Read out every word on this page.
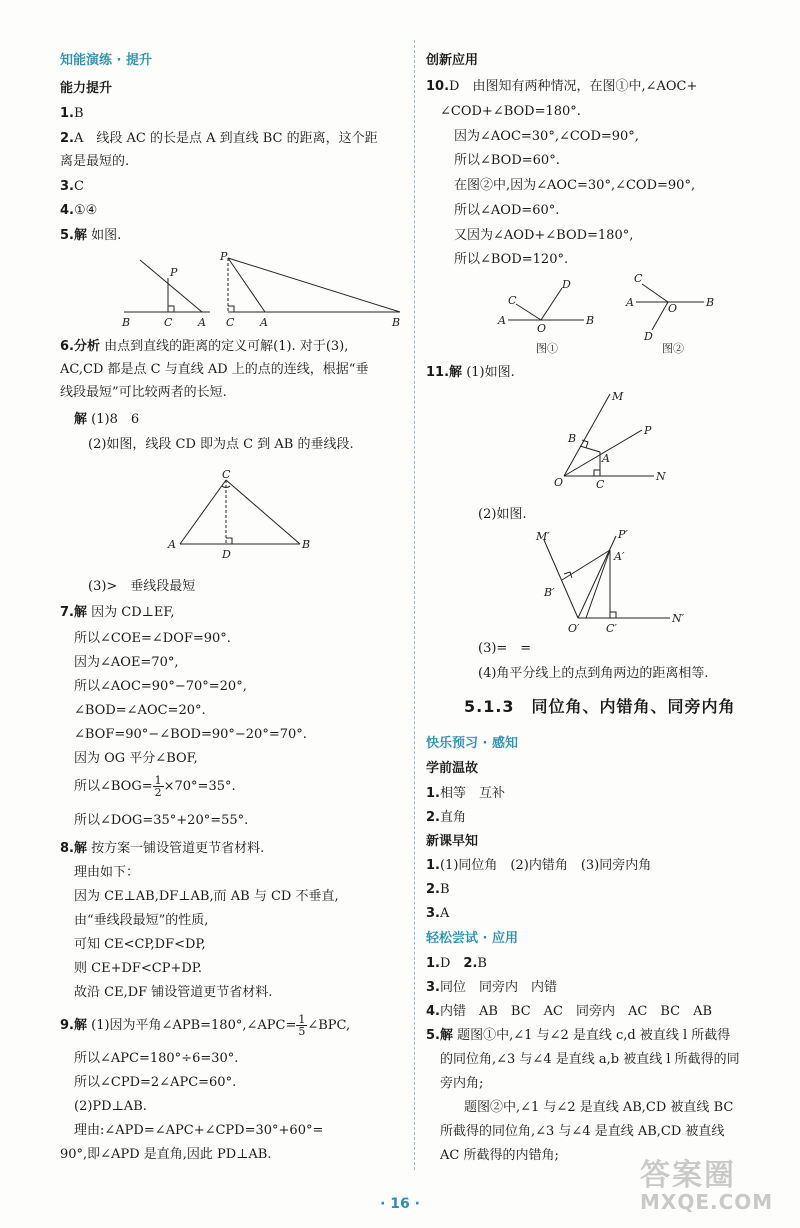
知能演练 · 提升
能力提升
1.B
2.A　线段 AC 的长是点 A 到直线 BC 的距离，这个距
离是最短的.
3.C
4.①④
5.解 如图.
P
B	C A
P
C A	B
6.分析 由点到直线的距离的定义可解(1). 对于(3),
AC,CD 都是点 C 与直线 AD 上的点的连线，根据“垂
线段最短”可比较两者的长短.
解 (1)8　6
(2)如图，线段 CD 即为点 C 到 AB 的垂线段.
C
A
D
B
(3)>　垂线段最短
7.解 因为 CD⊥EF,
所以∠COE=∠DOF=90°.
因为∠AOE=70°,
所以∠AOC=90°−70°=20°,
∠BOD=∠AOC=20°.
∠BOF=90°−∠BOD=90°−20°=70°.
因为 OG 平分∠BOF,
所以∠BOG= $\frac{1}{2} \times 70^\circ=35^\circ$.
所以∠DOG=35°+20°=55°.
8.解 按方案一铺设管道更节省材料.
理由如下：
因为 CE⊥AB,DF⊥AB,而 AB 与 CD 不垂直,
由“垂线段最短”的性质,
可知 CE<CP,DF<DP,
则 CE+DF<CP+DP.
故沿 CE,DF 铺设管道更节省材料.
9.解 (1)因为平角∠APB=180°,∠APC= $\frac{1}{5}$ ∠BPC,
所以∠APC=180°÷6=30°.
所以∠CPD=2∠APC=60°.
(2)PD⊥AB.
理由:∠APD=∠APC+∠CPD=30°+60°=
90°,即∠APD 是直角,因此 PD⊥AB.
创新应用
10.D　由图知有两种情况，在图①中,∠AOC+
∠COD+∠BOD=180°.
因为∠AOC=30°,∠COD=90°,
所以∠BOD=60°.
在图②中,因为∠AOC=30°,∠COD=90°,
所以∠AOD=60°.
又因为∠AOD+∠BOD=180°,
所以∠BOD=120°.
C
D
A
O
B
C
A	O	B
D
图①	图②
11.解 (1)如图.
M
P
B
A
O	C
N
(2)如图.
M′	P′
A′
B′
O′ C′
N′
(3)=　=
(4)角平分线上的点到角两边的距离相等.
5.1.3　同位角、内错角、同旁内角
快乐预习 · 感知
学前温故
1.相等　互补
2.直角
新课早知
1.(1)同位角　(2)内错角　(3)同旁内角
2.B
3.A
轻松尝试 · 应用
1.D　2.B
3.同位　同旁内　内错
4.内错　AB　BC　AC　同旁内　AC　BC　AB
5.解 题图①中,∠1 与∠2 是直线 c,d 被直线 l 所截得
的同位角,∠3 与∠4 是直线 a,b 被直线 l 所截得的同
旁内角;
题图②中,∠1 与∠2 是直线 AB,CD 被直线 BC
所截得的同位角,∠3 与∠4 是直线 AB,CD 被直线
AC 所截得的内错角;
· 16 ·
答案圈
MXQE.COM
